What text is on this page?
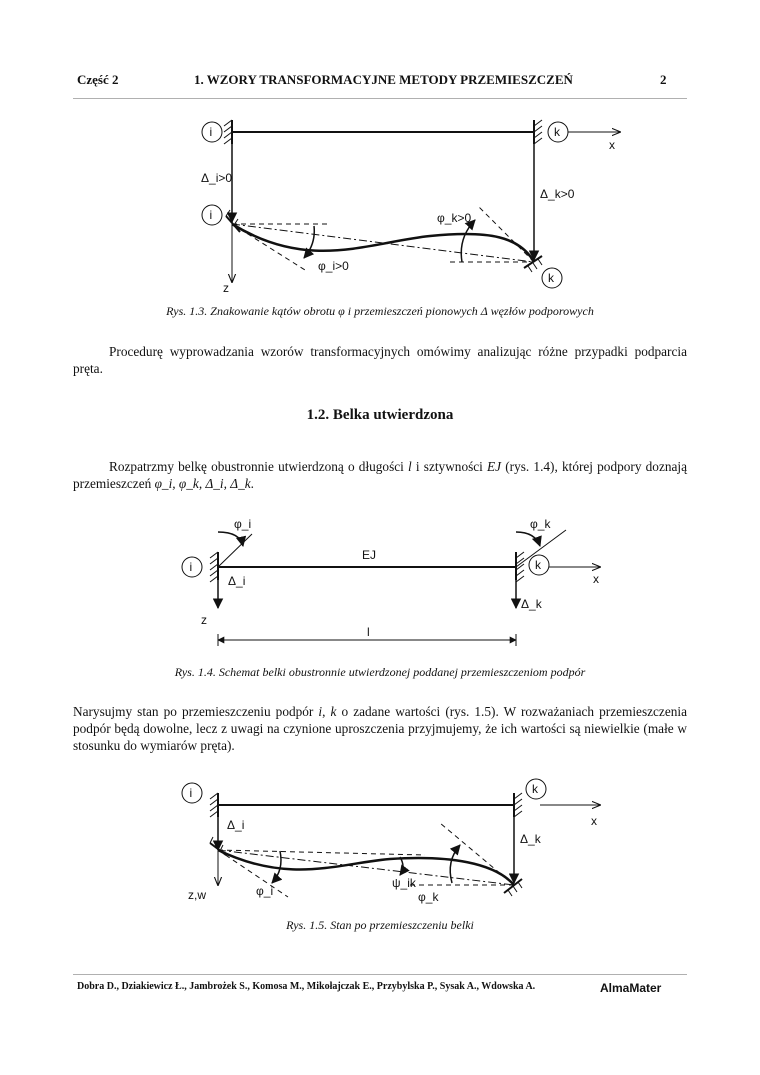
Część 2	1. WZORY TRANSFORMACYJNE METODY PRZEMIESZCZEŃ	2
x
z
Δ_i>0
Δ_k>0
φ_i>0
φ_k>0
i
i
k
k
Rys. 1.3. Znakowanie kątów obrotu φ i przemieszczeń pionowych Δ węzłów podporowych

Procedurę wyprowadzania wzorów transformacyjnych omówimy analizując różne przypadki podparcia pręta.

1.2. Belka utwierdzona

Rozpatrzmy belkę obustronnie utwierdzoną o długości l i sztywności EJ (rys. 1.4), której podpory doznają przemieszczeń φ_i, φ_k, Δ_i, Δ_k.

EJ
φ_i	φ_k
Δ_i
Δ_k
x
z
l
i	k
Rys. 1.4. Schemat belki obustronnie utwierdzonej poddanej przemieszczeniom podpór

Narysujmy stan po przemieszczeniu podpór i, k o zadane wartości (rys. 1.5). W rozważaniach przemieszczenia podpór będą dowolne, lecz z uwagi na czynione uproszczenia przyjmujemy, że ich wartości są niewielkie (małe w stosunku do wymiarów pręta).

x
z,w
Δ_i
Δ_k
φ_i
ψ_ik
φ_k
i	k
Rys. 1.5. Stan po przemieszczeniu belki
Dobra D., Dziakiewicz Ł., Jambrożek S., Komosa M., Mikołajczak E., Przybylska P., Sysak A., Wdowska A.	AlmaMater
